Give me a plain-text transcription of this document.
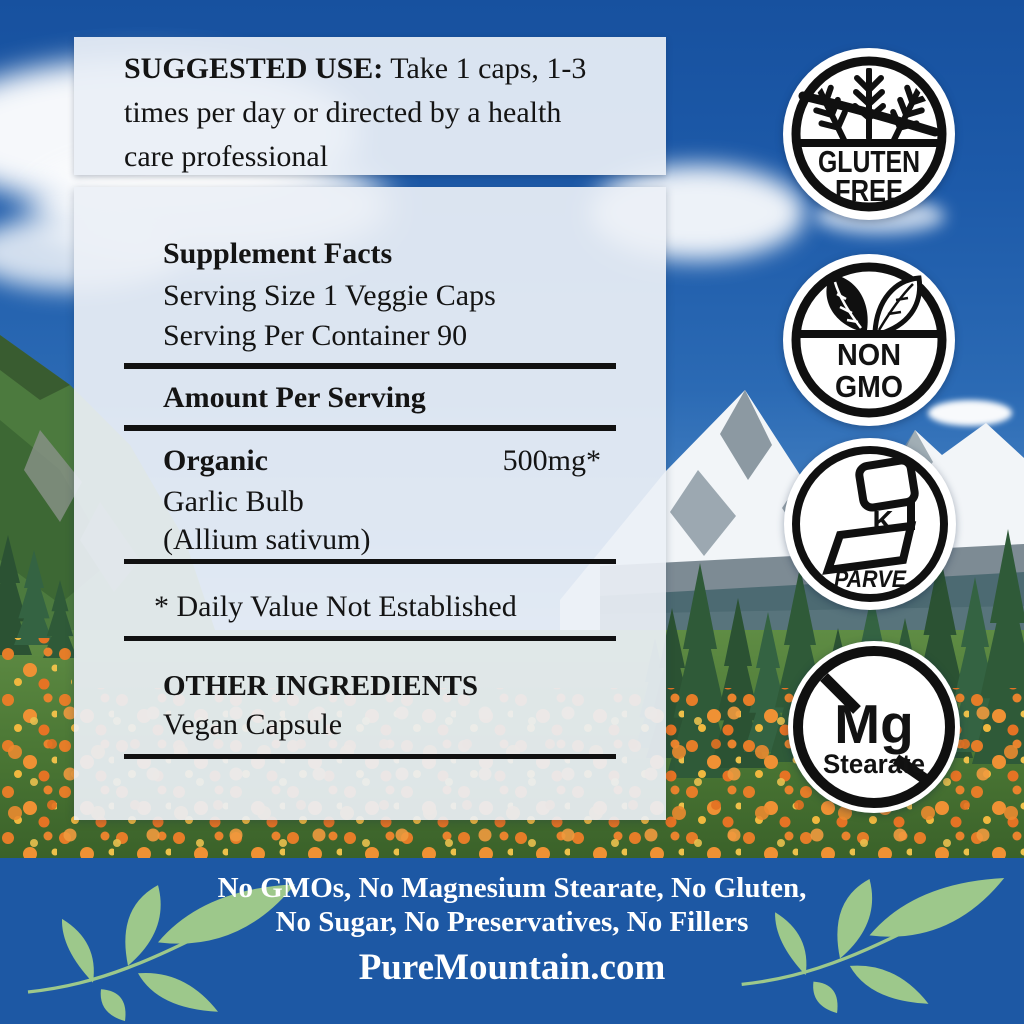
SUGGESTED USE: Take 1 caps, 1-3 times per day or directed by a health care professional
Supplement Facts
Serving Size 1 Veggie Caps
Serving Per Container 90
Amount Per Serving
Organic	500mg*
Garlic Bulb
(Allium sativum)
* Daily Value Not Established
OTHER INGREDIENTS
Vegan Capsule
GLUTEN
FREE
NON
GMO
K
PARVE
Mg
Stearate
No GMOs, No Magnesium Stearate, No Gluten,
No Sugar, No Preservatives, No Fillers
PureMountain.com
